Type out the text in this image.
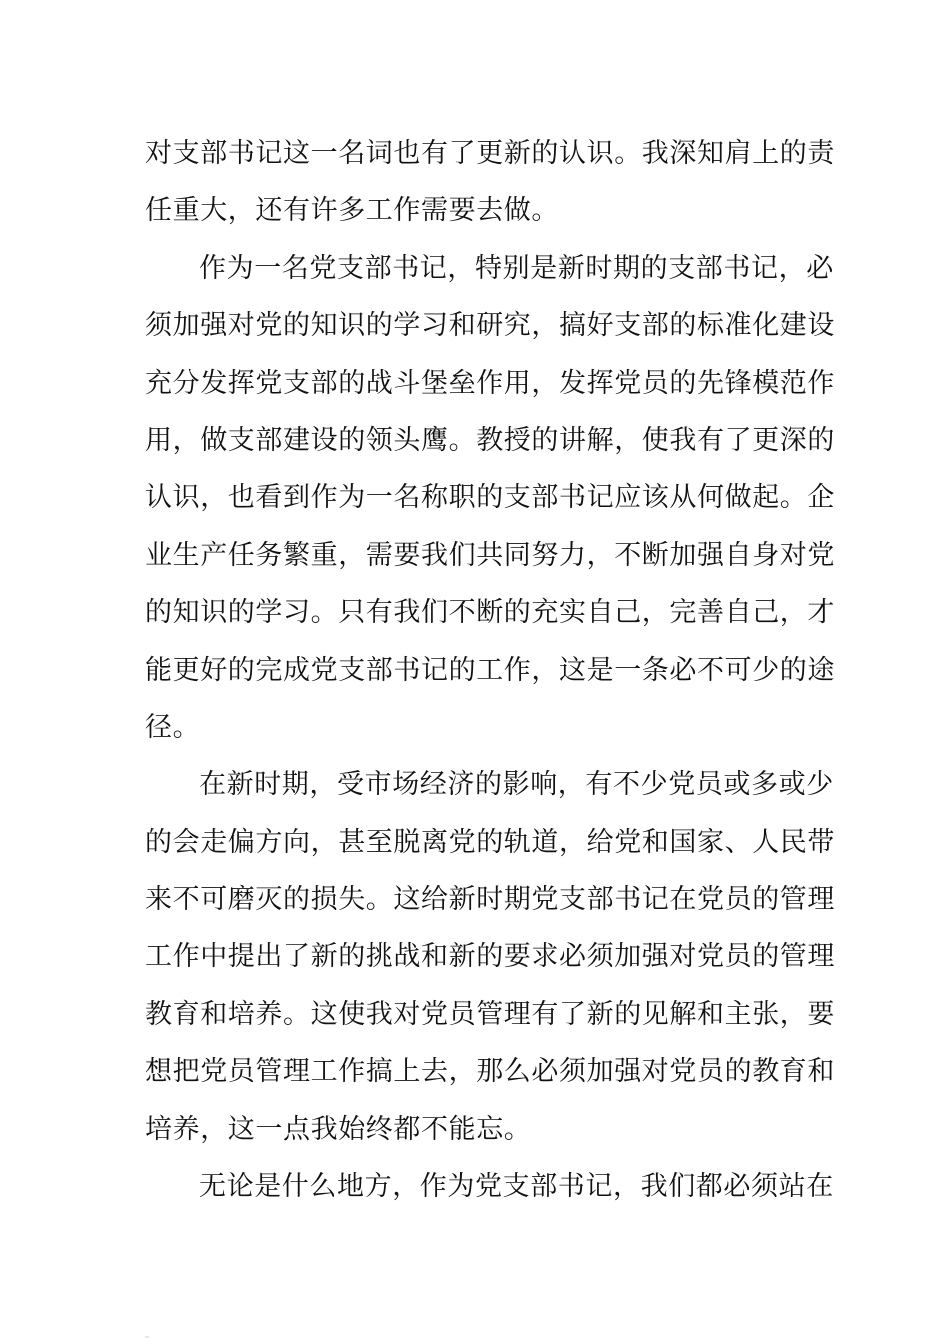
对支部书记这一名词也有了更新的认识。我深知肩上的责
任重大，还有许多工作需要去做。
作为一名党支部书记，特别是新时期的支部书记，必
须加强对党的知识的学习和研究，搞好支部的标准化建设
充分发挥党支部的战斗堡垒作用，发挥党员的先锋模范作
用，做支部建设的领头鹰。教授的讲解，使我有了更深的
认识，也看到作为一名称职的支部书记应该从何做起。企
业生产任务繁重，需要我们共同努力，不断加强自身对党
的知识的学习。只有我们不断的充实自己，完善自己，才
能更好的完成党支部书记的工作，这是一条必不可少的途
径。
在新时期，受市场经济的影响，有不少党员或多或少
的会走偏方向，甚至脱离党的轨道，给党和国家、人民带
来不可磨灭的损失。这给新时期党支部书记在党员的管理
工作中提出了新的挑战和新的要求必须加强对党员的管理
教育和培养。这使我对党员管理有了新的见解和主张，要
想把党员管理工作搞上去，那么必须加强对党员的教育和
培养，这一点我始终都不能忘。
无论是什么地方，作为党支部书记，我们都必须站在
